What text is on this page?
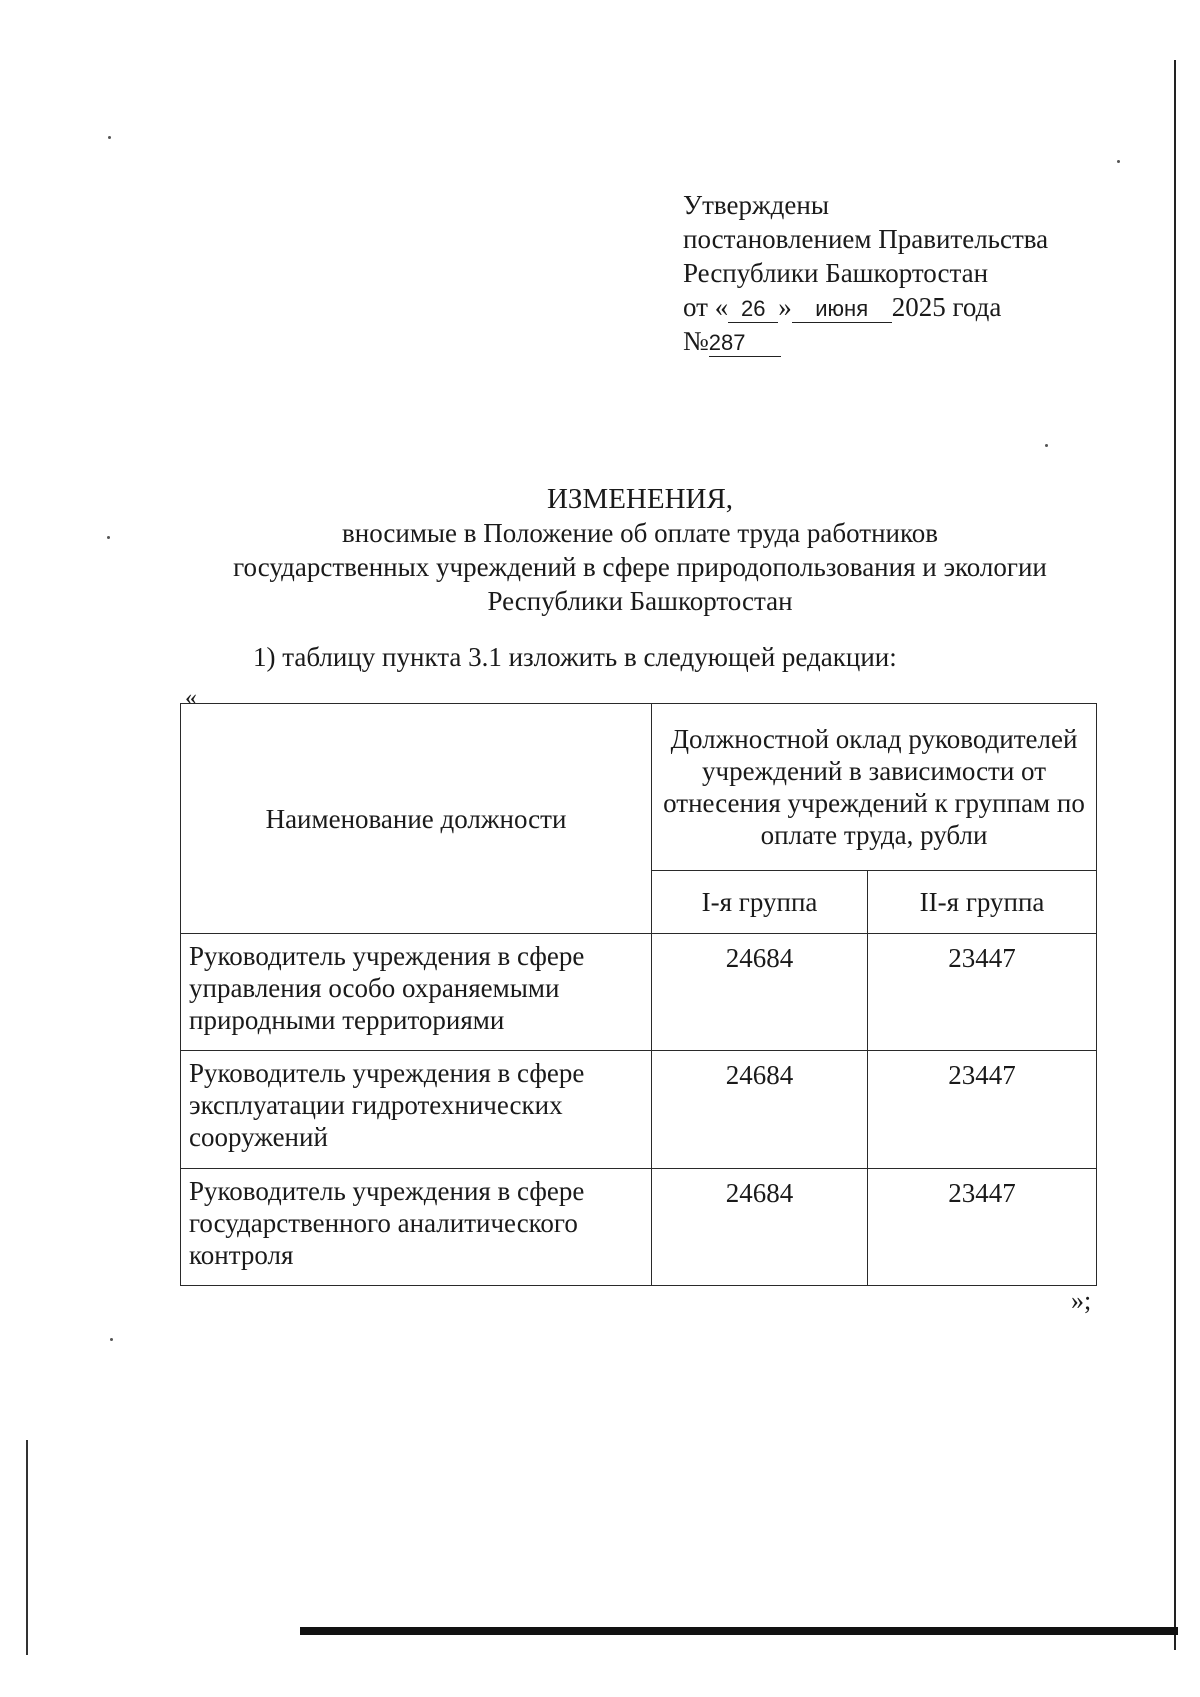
Утверждены
постановлением Правительства
Республики Башкортостан
от « 26 » июня 2025 года
№287
ИЗМЕНЕНИЯ,
вносимые в Положение об оплате труда работников
государственных учреждений в сфере природопользования и экологии
Республики Башкортостан
1) таблицу пункта 3.1 изложить в следующей редакции:
«
Наименование должности	Должностной оклад руководителей учреждений в зависимости от отнесения учреждений к группам по оплате труда, рубли	
	I-я группа	II-я группа
Руководитель учреждения в сфере управления особо охраняемыми природными территориями	24684	23447
Руководитель учреждения в сфере эксплуатации гидротехнических сооружений	24684	23447
Руководитель учреждения в сфере государственного аналитического контроля	24684	23447
»;
